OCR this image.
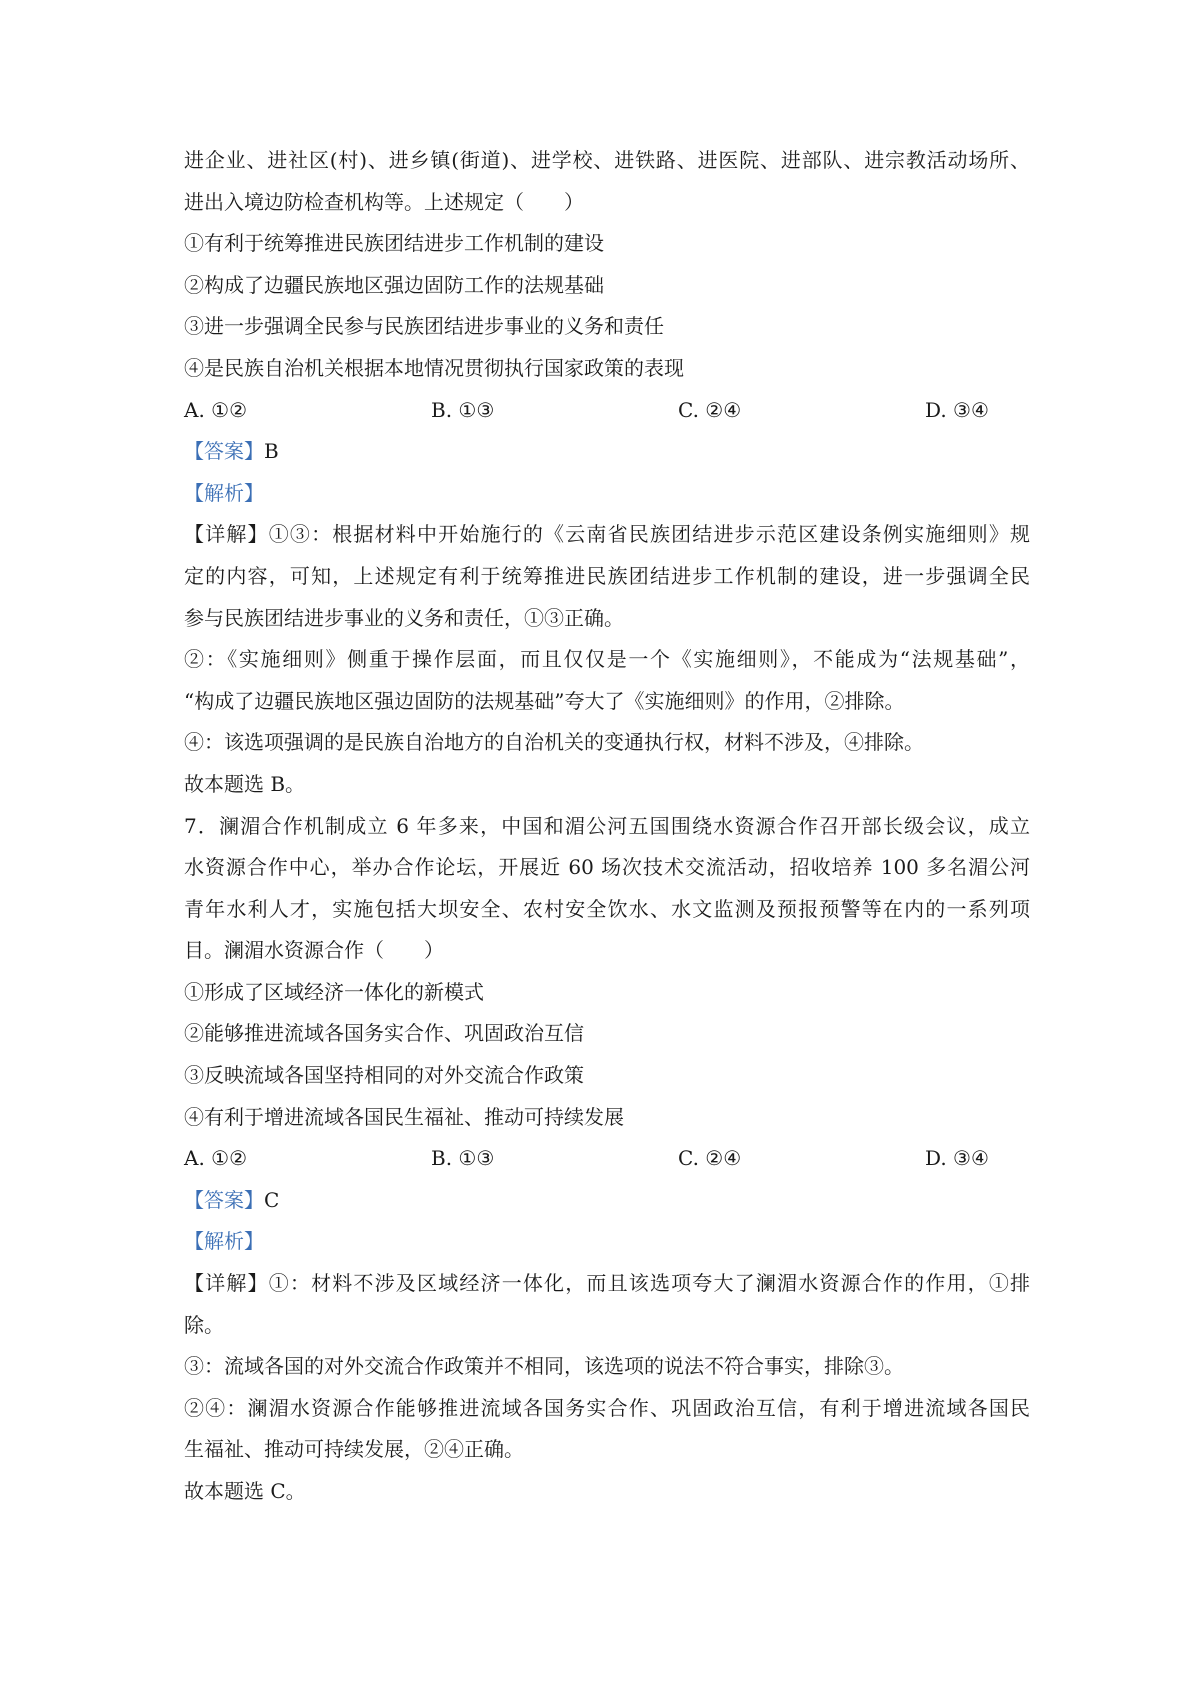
进企业、进社区(村)、进乡镇(街道)、进学校、进铁路、进医院、进部队、进宗教活动场所、
进出入境边防检查机构等。上述规定（　　）
①有利于统筹推进民族团结进步工作机制的建设
②构成了边疆民族地区强边固防工作的法规基础
③进一步强调全民参与民族团结进步事业的义务和责任
④是民族自治机关根据本地情况贯彻执行国家政策的表现
A. ①②	B. ①③	C. ②④	D. ③④
【答案】B
【解析】
【详解】①③：根据材料中开始施行的《云南省民族团结进步示范区建设条例实施细则》规
定的内容，可知，上述规定有利于统筹推进民族团结进步工作机制的建设，进一步强调全民
参与民族团结进步事业的义务和责任，①③正确。
②：《实施细则》侧重于操作层面，而且仅仅是一个《实施细则》，不能成为“法规基础”，
“构成了边疆民族地区强边固防的法规基础”夸大了《实施细则》的作用，②排除。
④：该选项强调的是民族自治地方的自治机关的变通执行权，材料不涉及，④排除。
故本题选 B。
7．澜湄合作机制成立 6 年多来，中国和湄公河五国围绕水资源合作召开部长级会议，成立
水资源合作中心，举办合作论坛，开展近 60 场次技术交流活动，招收培养 100 多名湄公河
青年水利人才，实施包括大坝安全、农村安全饮水、水文监测及预报预警等在内的一系列项
目。澜湄水资源合作（　　）
①形成了区域经济一体化的新模式
②能够推进流域各国务实合作、巩固政治互信
③反映流域各国坚持相同的对外交流合作政策
④有利于增进流域各国民生福祉、推动可持续发展
A. ①②	B. ①③	C. ②④	D. ③④
【答案】C
【解析】
【详解】①：材料不涉及区域经济一体化，而且该选项夸大了澜湄水资源合作的作用，①排
除。
③：流域各国的对外交流合作政策并不相同，该选项的说法不符合事实，排除③。
②④：澜湄水资源合作能够推进流域各国务实合作、巩固政治互信，有利于增进流域各国民
生福祉、推动可持续发展，②④正确。
故本题选 C。
